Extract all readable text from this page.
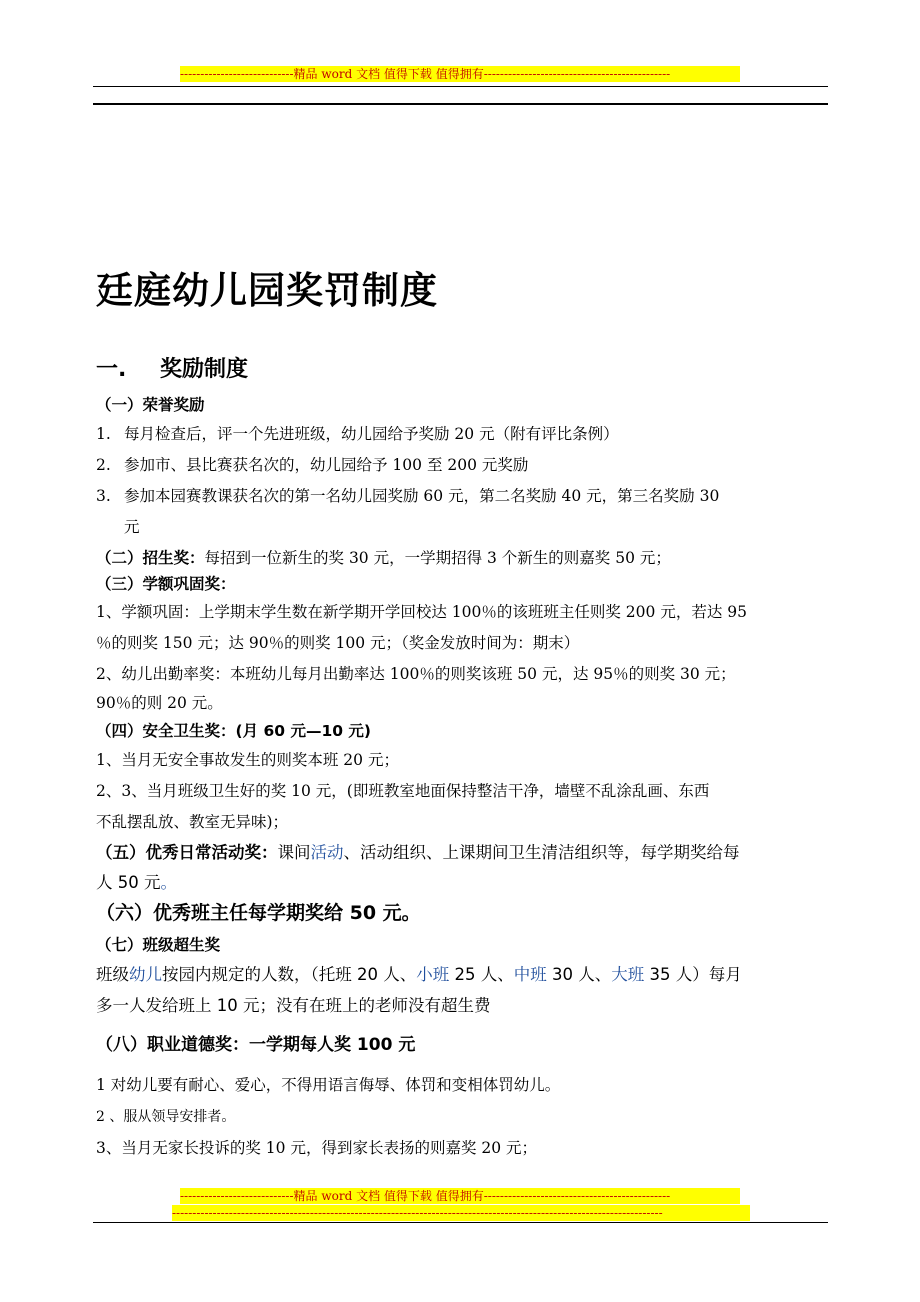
----------------------------精品 word 文档 值得下载 值得拥有----------------------------------------------
廷庭幼儿园奖罚制度
一. 奖励制度
（一）荣誉奖励
1. 每月检查后，评一个先进班级，幼儿园给予奖励 20 元（附有评比条例）
2. 参加市、县比赛获名次的，幼儿园给予 100 至 200 元奖励
3. 参加本园赛教课获名次的第一名幼儿园奖励 60 元，第二名奖励 40 元，第三名奖励 30
元
（二）招生奖：每招到一位新生的奖 30 元，一学期招得 3 个新生的则嘉奖 50 元；
（三）学额巩固奖：
1、学额巩固：上学期末学生数在新学期开学回校达 100％的该班班主任则奖 200 元，若达 95
％的则奖 150 元；达 90％的则奖 100 元；（奖金发放时间为：期末）
2、幼儿出勤率奖：本班幼儿每月出勤率达 100％的则奖该班 50 元，达 95％的则奖 30 元；
90％的则 20 元。
（四）安全卫生奖：(月 60 元—10 元)
1、当月无安全事故发生的则奖本班 20 元；
2、3、当月班级卫生好的奖 10 元，(即班教室地面保持整洁干净，墙壁不乱涂乱画、东西
不乱摆乱放、教室无异味)；
（五）优秀日常活动奖：课间活动、活动组织、上课期间卫生清洁组织等，每学期奖给每
人 50 元。
（六）优秀班主任每学期奖给 50 元。
（七）班级超生奖
班级幼儿按园内规定的人数，（托班 20 人、小班 25 人、中班 30 人、大班 35 人）每月
多一人发给班上 10 元；没有在班上的老师没有超生费
（八）职业道德奖：一学期每人奖 100 元
1 对幼儿要有耐心、爱心，不得用语言侮辱、体罚和变相体罚幼儿。
2 、服从领导安排者。
3、当月无家长投诉的奖 10 元，得到家长表扬的则嘉奖 20 元；
----------------------------精品 word 文档 值得下载 值得拥有----------------------------------------------
-------------------------------------------------------------------------------------------------------------------------
